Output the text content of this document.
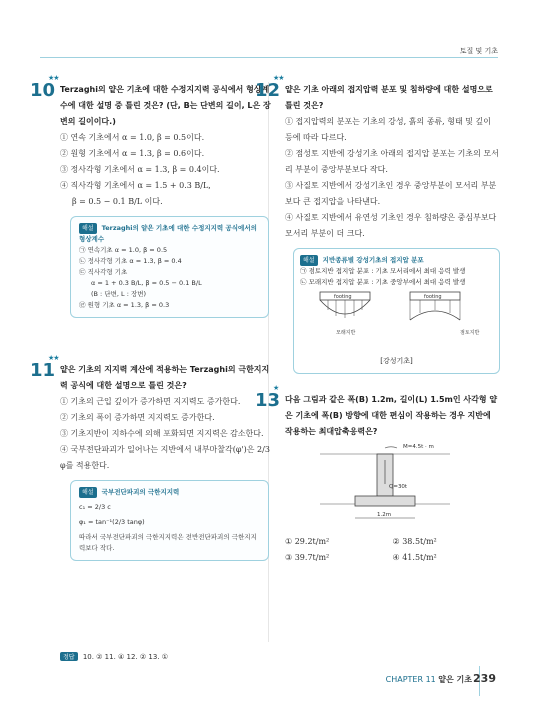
토질 및 기초
★★
10 Terzaghi의 얕은 기초에 대한 수정지지력 공식에서 형상계수에 대한 설명 중 틀린 것은? (단, B는 단변의 길이, L은 장변의 길이이다.)
① 연속 기초에서 α = 1.0, β = 0.5이다.
② 원형 기초에서 α = 1.3, β = 0.6이다.
③ 정사각형 기초에서 α = 1.3, β = 0.4이다.
④ 직사각형 기초에서 α = 1.5 + 0.3 B/L,
β = 0.5 − 0.1 B/L 이다.
해설 Terzaghi의 얕은 기초에 대한 수정지지력 공식에서의 형상계수
㉠ 연속기초 α = 1.0, β = 0.5
㉡ 정사각형 기초 α = 1.3, β = 0.4
㉢ 직사각형 기초
α = 1 + 0.3 B/L, β = 0.5 − 0.1 B/L
(B : 단변, L : 장변)
㉣ 원형 기초 α = 1.3, β = 0.3
★★
11 얕은 기초의 지지력 계산에 적용하는 Terzaghi의 극한지지력 공식에 대한 설명으로 틀린 것은?
① 기초의 근입 깊이가 증가하면 지지력도 증가한다.
② 기초의 폭이 증가하면 지지력도 증가한다.
③ 기초지반이 지하수에 의해 포화되면 지지력은 감소한다.
④ 국부전단파괴가 일어나는 지반에서 내부마찰각(φ')은 2/3 φ를 적용한다.
해설 국부전단파괴의 극한지지력
c₁ = 2/3 c
φ₁ = tan⁻¹(2/3 tanφ)
따라서 국부전단파괴의 극한지지력은 전반전단파괴의 극한지지력보다 작다.
★★
12 얕은 기초 아래의 접지압력 분포 및 침하량에 대한 설명으로 틀린 것은?
① 접지압력의 분포는 기초의 강성, 흙의 종류, 형태 및 깊이 등에 따라 다르다.
② 점성토 지반에 강성기초 아래의 접지압 분포는 기초의 모서리 부분이 중앙부분보다 작다.
③ 사질토 지반에서 강성기초인 경우 중앙부분이 모서리 부분보다 큰 접지압을 나타낸다.
④ 사질토 지반에서 유연성 기초인 경우 침하량은 중심부보다 모서리 부분이 더 크다.
해설 지반종류별 강성기초의 접지압 분포
㉠ 점토지반 접지압 분포 : 기초 모서리에서 최대 응력 발생
㉡ 모래지반 접지압 분포 : 기초 중앙부에서 최대 응력 발생
footing
모래지반
footing
점토지반
[강성기초]
★
13 다음 그림과 같은 폭(B) 1.2m, 길이(L) 1.5m인 사각형 얕은 기초에 폭(B) 방향에 대한 편심이 작용하는 경우 지반에 작용하는 최대압축응력은?
M=4.5t · m
Q=30t
1.2m
① 29.2t/m²	② 38.5t/m²
③ 39.7t/m²	④ 41.5t/m²
정답 10. ② 11. ④ 12. ② 13. ①
CHAPTER 11 얕은 기초 239
